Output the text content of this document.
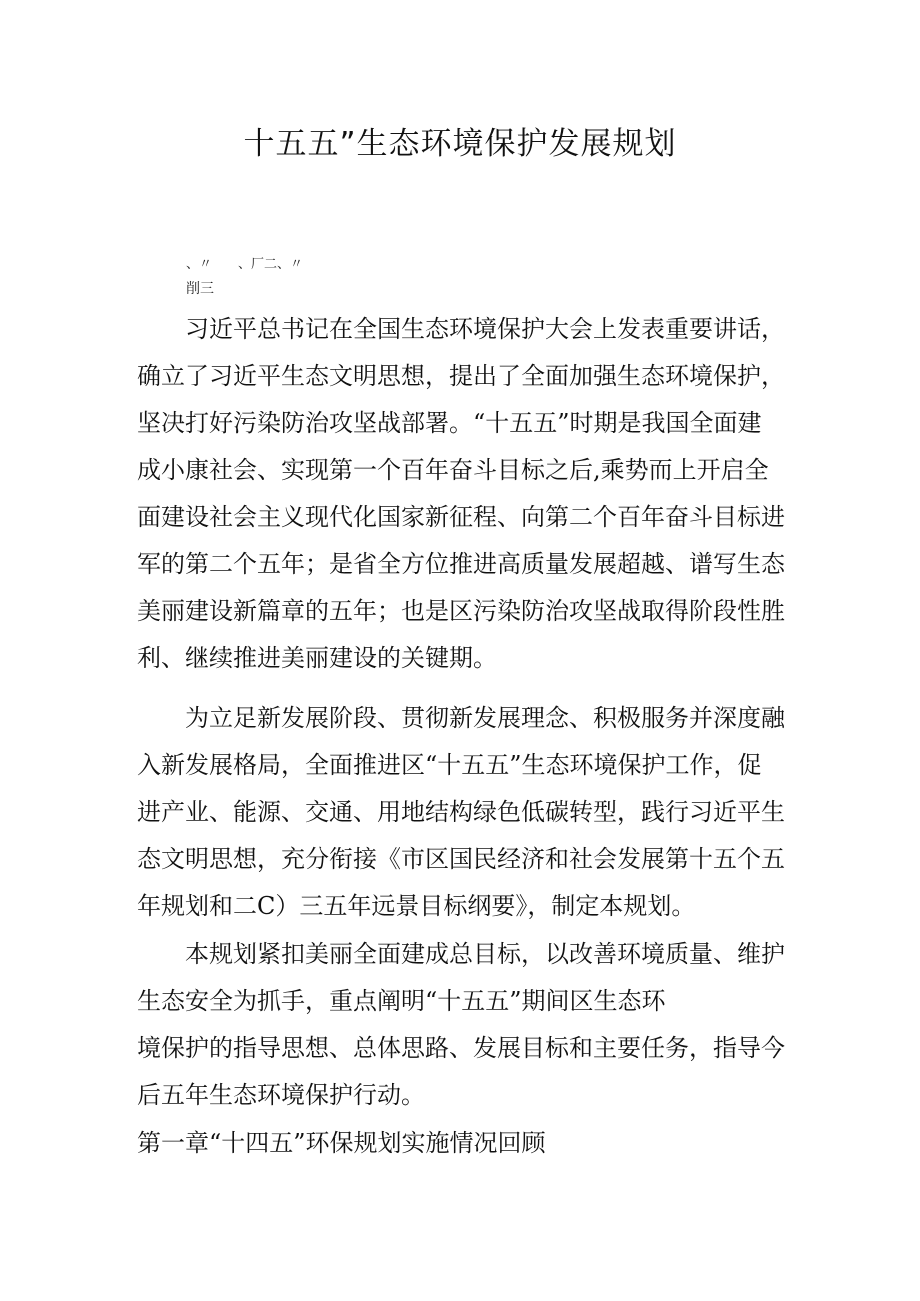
十五五”生态环境保护发展规划
、〃　　、厂二、〃
削三

习近平总书记在全国生态环境保护大会上发表重要讲话，
确立了习近平生态文明思想，提出了全面加强生态环境保护，
坚决打好污染防治攻坚战部署。“十五五”时期是我国全面建
成小康社会、实现第一个百年奋斗目标之后,乘势而上开启全
面建设社会主义现代化国家新征程、向第二个百年奋斗目标进
军的第二个五年；是省全方位推进高质量发展超越、谱写生态
美丽建设新篇章的五年；也是区污染防治攻坚战取得阶段性胜
利、继续推进美丽建设的关键期。

为立足新发展阶段、贯彻新发展理念、积极服务并深度融
入新发展格局，全面推进区“十五五”生态环境保护工作，促
进产业、能源、交通、用地结构绿色低碳转型，践行习近平生
态文明思想，充分衔接《市区国民经济和社会发展第十五个五
年规划和二C）三五年远景目标纲要》，制定本规划。

本规划紧扣美丽全面建成总目标，以改善环境质量、维护
生态安全为抓手，重点阐明“十五五”期间区生态环
境保护的指导思想、总体思路、发展目标和主要任务，指导今
后五年生态环境保护行动。

第一章“十四五”环保规划实施情况回顾
